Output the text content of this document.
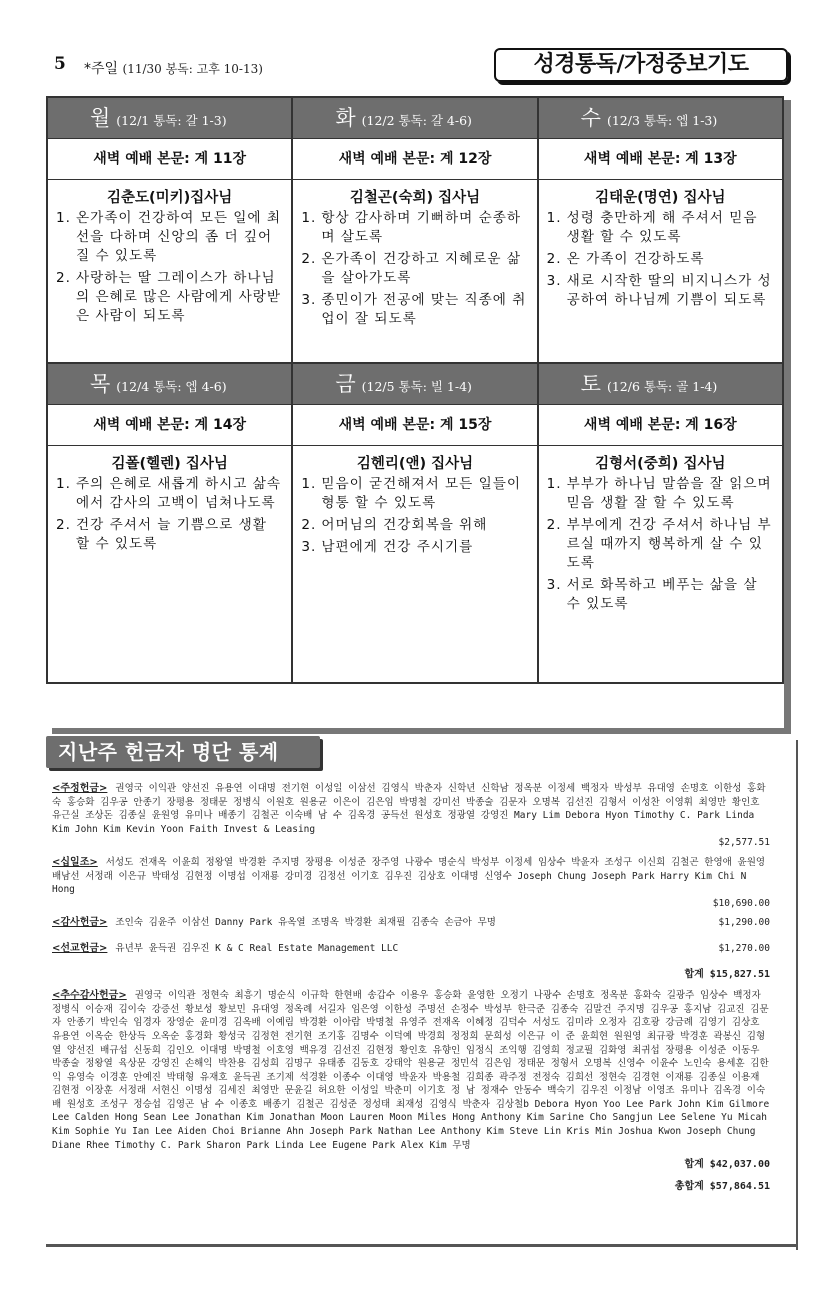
5 *주일 (11/30 봉독: 고후 10-13)	성경통독/가정중보기도
월 (12/1 통독: 갈 1-3)
새벽 예배 본문: 계 11장
김춘도(미키)집사님
1. 온가족이 건강하여 모든 일에 최선을 다하며 신앙의 좀 더 깊어질 수 있도록
2. 사랑하는 딸 그레이스가 하나님의 은혜로 많은 사람에게 사랑받은 사람이 되도록
화 (12/2 통독: 갈 4-6)
새벽 예배 본문: 계 12장
김철곤(숙희) 집사님
1. 항상 감사하며 기뻐하며 순종하며 살도록
2. 온가족이 건강하고 지혜로운 삶을 살아가도록
3. 종민이가 전공에 맞는 직종에 취업이 잘 되도록
수 (12/3 통독: 엡 1-3)
새벽 예배 본문: 계 13장
김태운(명연) 집사님
1. 성령 충만하게 해 주셔서 믿음 생활 할 수 있도록
2. 온 가족이 건강하도록
3. 새로 시작한 딸의 비지니스가 성공하여 하나님께 기쁨이 되도록
목 (12/4 통독: 엡 4-6)
새벽 예배 본문: 계 14장
김폴(헬렌) 집사님
1. 주의 은혜로 새롭게 하시고 삶속에서 감사의 고백이 넘쳐나도록
2. 건강 주셔서 늘 기쁨으로 생활 할 수 있도록
금 (12/5 통독: 빌 1-4)
새벽 예배 본문: 계 15장
김헨리(앤) 집사님
1. 믿음이 굳건해져서 모든 일들이 형통 할 수 있도록
2. 어머님의 건강회복을 위해
3. 남편에게 건강 주시기를
토 (12/6 통독: 골 1-4)
새벽 예배 본문: 계 16장
김형서(중희) 집사님
1. 부부가 하나님 말씀을 잘 읽으며 믿음 생활 잘 할 수 있도록
2. 부부에게 건강 주셔서 하나님 부르실 때까지 행복하게 살 수 있도록
3. 서로 화목하고 베푸는 삶을 살 수 있도록
지난주 헌금자 명단 통계
<주정헌금> 권영국 이익관 양선진 유용연 이대명 전기현 이성일 이삼선 김영식 박춘자 신학년 신학남 정옥분 이정세 백정자 박성부 유대영 손명호 이한성 홍화숙 홍승화 김우공 안종기 장평용 정태문 정병식 이원호 원용균 이은이 김은임 박명철 강미선 박종술 김문자 오명복 김선진 김형서 이성찬 이영휘 최영만 황인호 유근실 조상돈 김종실 윤원영 유미나 배종기 김철곤 이숙배 남 수 김옥경 공득선 원성호 정광열 강영진 Mary Lim Debora Hyon Timothy C. Park Linda Kim John Kim Kevin Yoon Faith Invest & Leasing
$2,577.51
<십일조> 서성도 전재옥 이윤희 정왕열 박경환 주지명 장평용 이성준 장주영 나광수 명순식 박성부 이정세 임상수 박윤자 조성구 이신희 김철곤 한영애 윤원영 배남선 서정래 이은규 박태성 김현정 이명섭 이재룡 강미경 김정선 이기호 김우진 김상호 이대명 신영수 Joseph Chung Joseph Park Harry Kim Chi N Hong
$10,690.00
<감사헌금> 조인숙 김윤주 이삼선 Danny Park 유옥열 조명옥 박경환 최재필 김종숙 손금아 무명	$1,290.00
<선교헌금> 유년부 윤득권 김우진 K & C Real Estate Management LLC	$1,270.00
합계 $15,827.51
<추수감사헌금> 권영국 이익관 정현숙 최흥기 명순식 이규학 한현배 송갑수 이용우 홍승화 윤영한 오정기 나광수 손명호 정옥분 홍화숙 길광주 임상수 백정자 정병식 이승재 김이숙 강증선 황보성 황보민 유대영 정옥례 서길자 임은영 이한성 주명선 손정수 박성부 한극준 김종숙 김말건 주지명 김우공 홍지남 김교진 김문자 안종기 박인숙 임경자 장영순 윤미경 김옥배 이예림 박경환 이아람 박명철 유영주 전재옥 이혜정 김덕수 서성도 김미라 오정자 김호광 강금례 김영기 김상호 유용연 이옥순 한상득 오옥순 홍경화 황성국 김정현 전기현 조기홍 김명수 이덕예 박경희 정정희 문희성 이은규 이 준 윤희현 원원영 최규광 박경훈 곽봉신 김형열 양선진 배규섭 신동희 김인오 이대명 박명철 이호영 백유경 김선진 김현정 황인호 유향인 임정식 조익행 김영희 정교필 김화영 최귀섭 장평용 이성준 이동우 박종술 정왕열 육상문 강영진 손해익 박찬용 김성희 김명구 유태종 김동호 강태악 원용균 정민석 김은임 정태문 정형서 오명복 신영수 이윤수 노인숙 용세훈 김한익 유영숙 이경훈 안예진 박태형 유재호 윤득권 조기제 석경환 이종수 이대영 박윤자 박용철 김희종 곽주정 전정숙 김희선 정현숙 김경현 이재룡 김종실 이용재 김현정 이장훈 서정래 서현신 이명성 김세진 최영만 문윤길 허요한 이성일 박춘미 이기호 정 남 정재수 안동수 백숙기 김우진 이정남 이영조 유미나 김옥경 이숙배 원성호 조성구 정승섭 김영곤 남 수 이종호 배종기 김철곤 김성준 정성태 최재성 김영식 박춘자 김상철b Debora Hyon Yoo Lee Park John Kim Gilmore Lee Calden Hong Sean Lee Jonathan Kim Jonathan Moon Lauren Moon Miles Hong Anthony Kim Sarine Cho Sangjun Lee Selene Yu Micah Kim Sophie Yu Ian Lee Aiden Choi Brianne Ahn Joseph Park Nathan Lee Anthony Kim Steve Lin Kris Min Joshua Kwon Joseph Chung Diane Rhee Timothy C. Park Sharon Park Linda Lee Eugene Park Alex Kim 무명
합계 $42,037.00
총합계 $57,864.51
